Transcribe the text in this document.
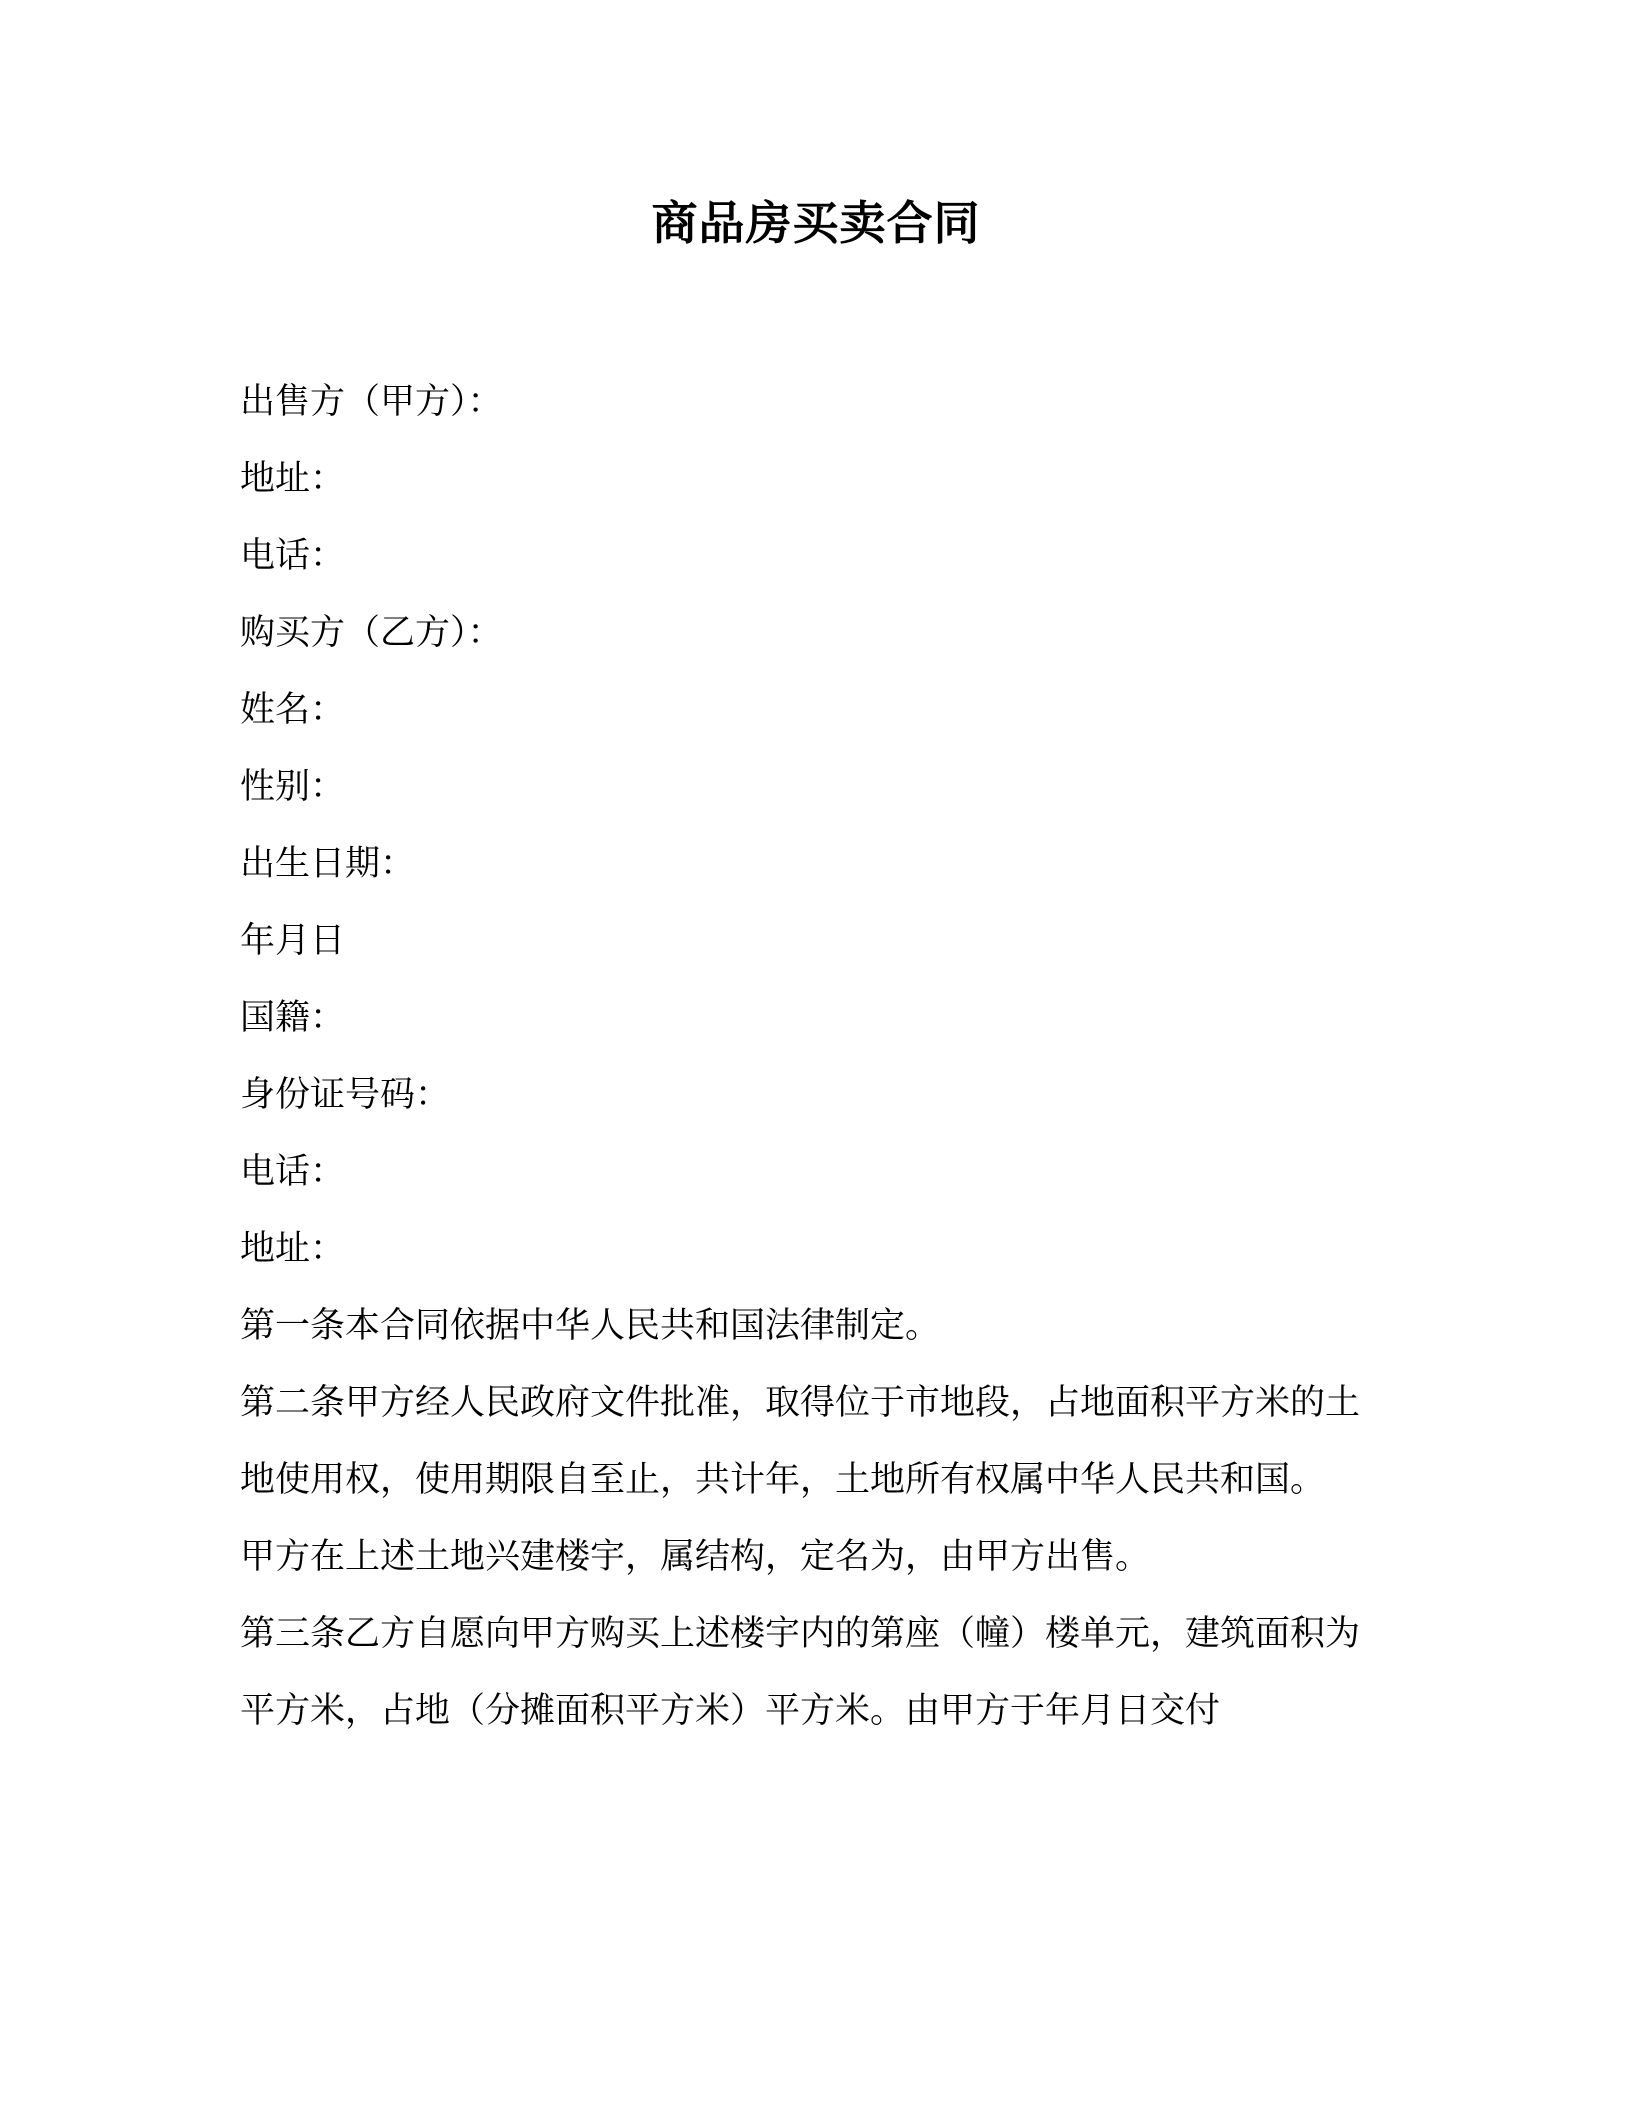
商品房买卖合同

出售方（甲方）：

地址：

电话：

购买方（乙方）：

姓名：

性别：

出生日期：

年月日

国籍：

身份证号码：

电话：

地址：

第一条本合同依据中华人民共和国法律制定。

第二条甲方经人民政府文件批准，取得位于市地段，占地面积平方米的土地使用权，使用期限自至止，共计年，土地所有权属中华人民共和国。

甲方在上述土地兴建楼宇，属结构，定名为，由甲方出售。

第三条乙方自愿向甲方购买上述楼宇内的第座（幢）楼单元，建筑面积为平方米，占地（分摊面积平方米）平方米。由甲方于年月日交付
